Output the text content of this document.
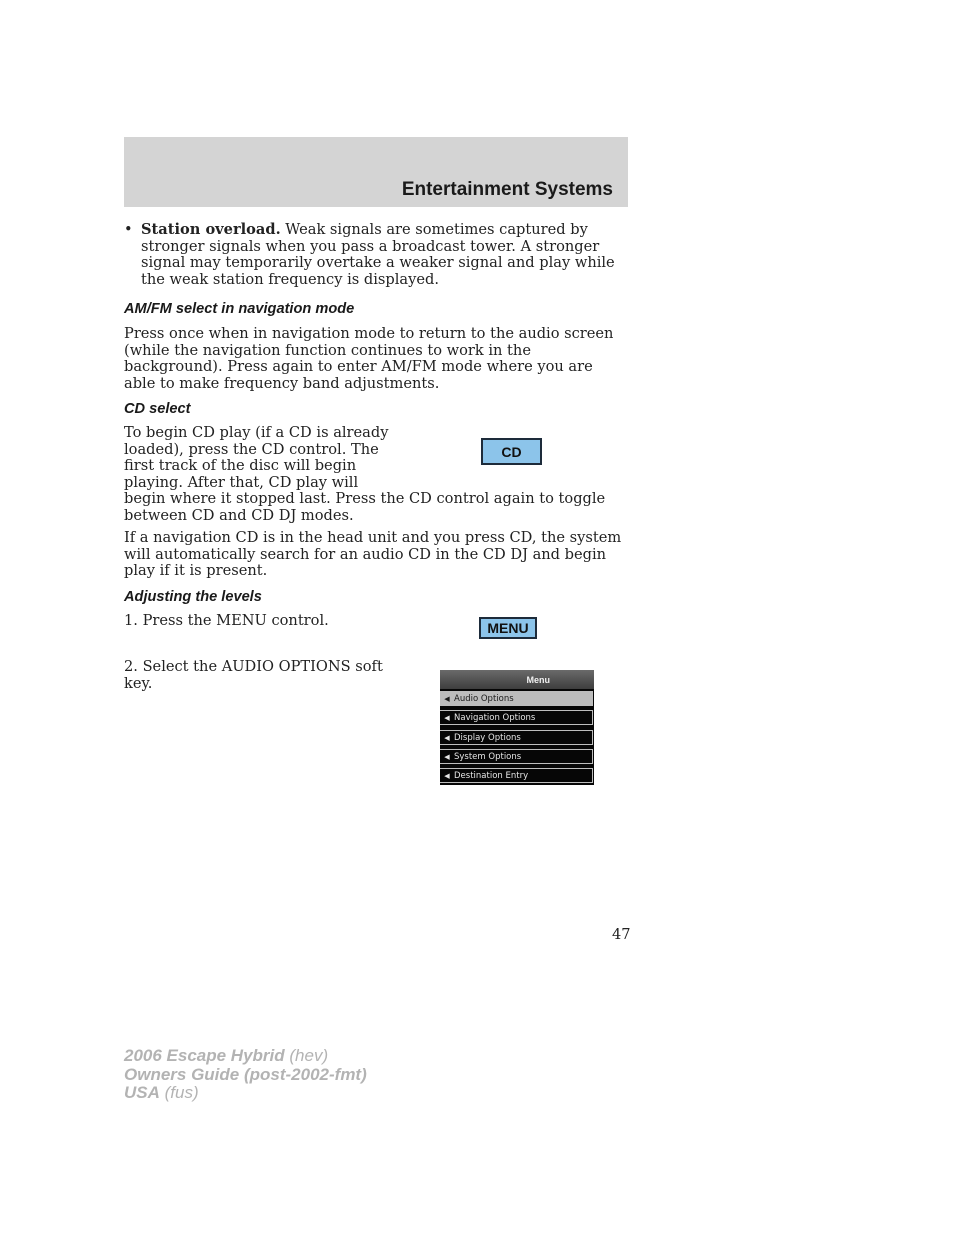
Entertainment Systems
• Station overload. Weak signals are sometimes captured by stronger signals when you pass a broadcast tower. A stronger signal may temporarily overtake a weaker signal and play while the weak station frequency is displayed.
AM/FM select in navigation mode

Press once when in navigation mode to return to the audio screen (while the navigation function continues to work in the background). Press again to enter AM/FM mode where you are able to make frequency band adjustments.

CD select
To begin CD play (if a CD is already
loaded), press the CD control. The
first track of the disc will begin
playing. After that, CD play will
begin where it stopped last. Press the CD control again to toggle between CD and CD DJ modes.
CD

If a navigation CD is in the head unit and you press CD, the system will automatically search for an audio CD in the CD DJ and begin play if it is present.

Adjusting the levels
1. Press the MENU control.	MENU
2. Select the AUDIO OPTIONS soft
key.	Menu
◀ Audio Options
◀ Navigation Options
◀ Display Options
◀ System Options
◀ Destination Entry
47
2006 Escape Hybrid (hev)
Owners Guide (post-2002-fmt)
USA (fus)
